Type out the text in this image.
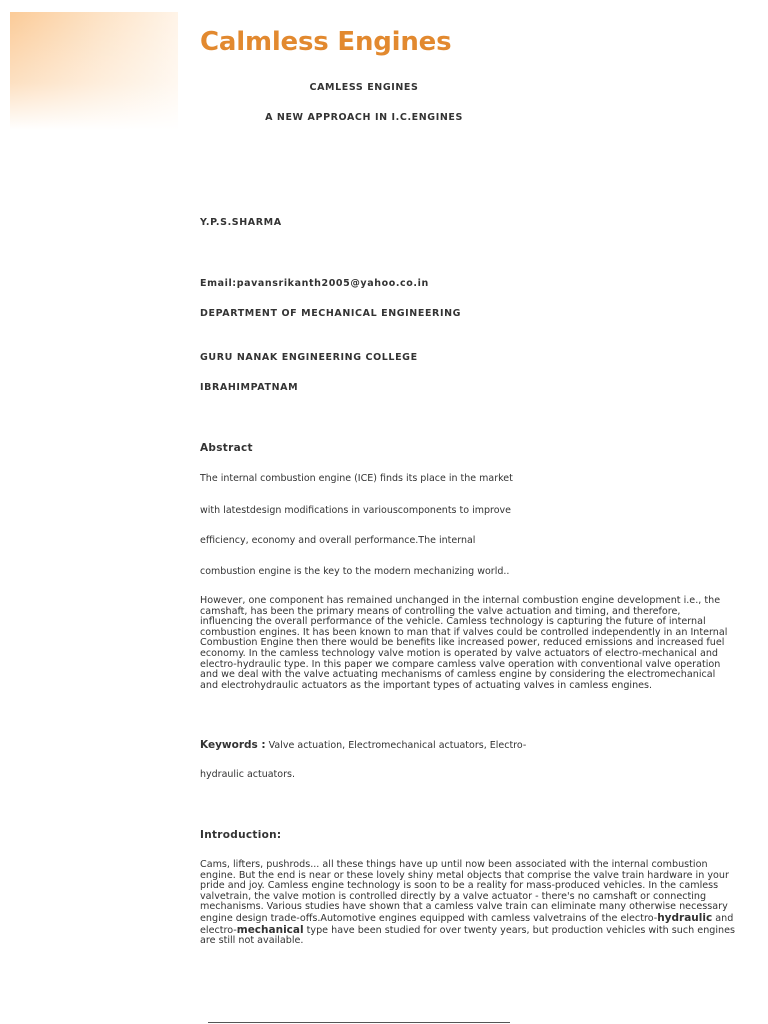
Calmless Engines
CAMLESS ENGINES
A NEW APPROACH IN I.C.ENGINES
Y.P.S.SHARMA
Email:pavansrikanth2005@yahoo.co.in
DEPARTMENT OF MECHANICAL ENGINEERING
GURU NANAK ENGINEERING COLLEGE
IBRAHIMPATNAM
Abstract
The internal combustion engine (ICE) finds its place in the market
with latestdesign modifications in variouscomponents to improve
efficiency, economy and overall performance.The internal
combustion engine is the key to the modern mechanizing world..
However, one component has remained unchanged in the internal combustion engine development i.e., the camshaft, has been the primary means of controlling the valve actuation and timing, and therefore, influencing the overall performance of the vehicle. Camless technology is capturing the future of internal combustion engines. It has been known to man that if valves could be controlled independently in an Internal Combustion Engine then there would be benefits like increased power, reduced emissions and increased fuel economy. In the camless technology valve motion is operated by valve actuators of electro-mechanical and electro-hydraulic type. In this paper we compare camless valve operation with conventional valve operation and we deal with the valve actuating mechanisms of camless engine by considering the electromechanical and electrohydraulic actuators as the important types of actuating valves in camless engines.
Keywords : Valve actuation, Electromechanical actuators, Electro-
hydraulic actuators.
Introduction:
Cams, lifters, pushrods... all these things have up until now been associated with the internal combustion engine. But the end is near or these lovely shiny metal objects that comprise the valve train hardware in your pride and joy. Camless engine technology is soon to be a reality for mass-produced vehicles. In the camless valvetrain, the valve motion is controlled directly by a valve actuator - there's no camshaft or connecting mechanisms. Various studies have shown that a camless valve train can eliminate many otherwise necessary engine design trade-offs.Automotive engines equipped with camless valvetrains of the electro-hydraulic and electro-mechanical type have been studied for over twenty years, but production vehicles with such engines are still not available.
